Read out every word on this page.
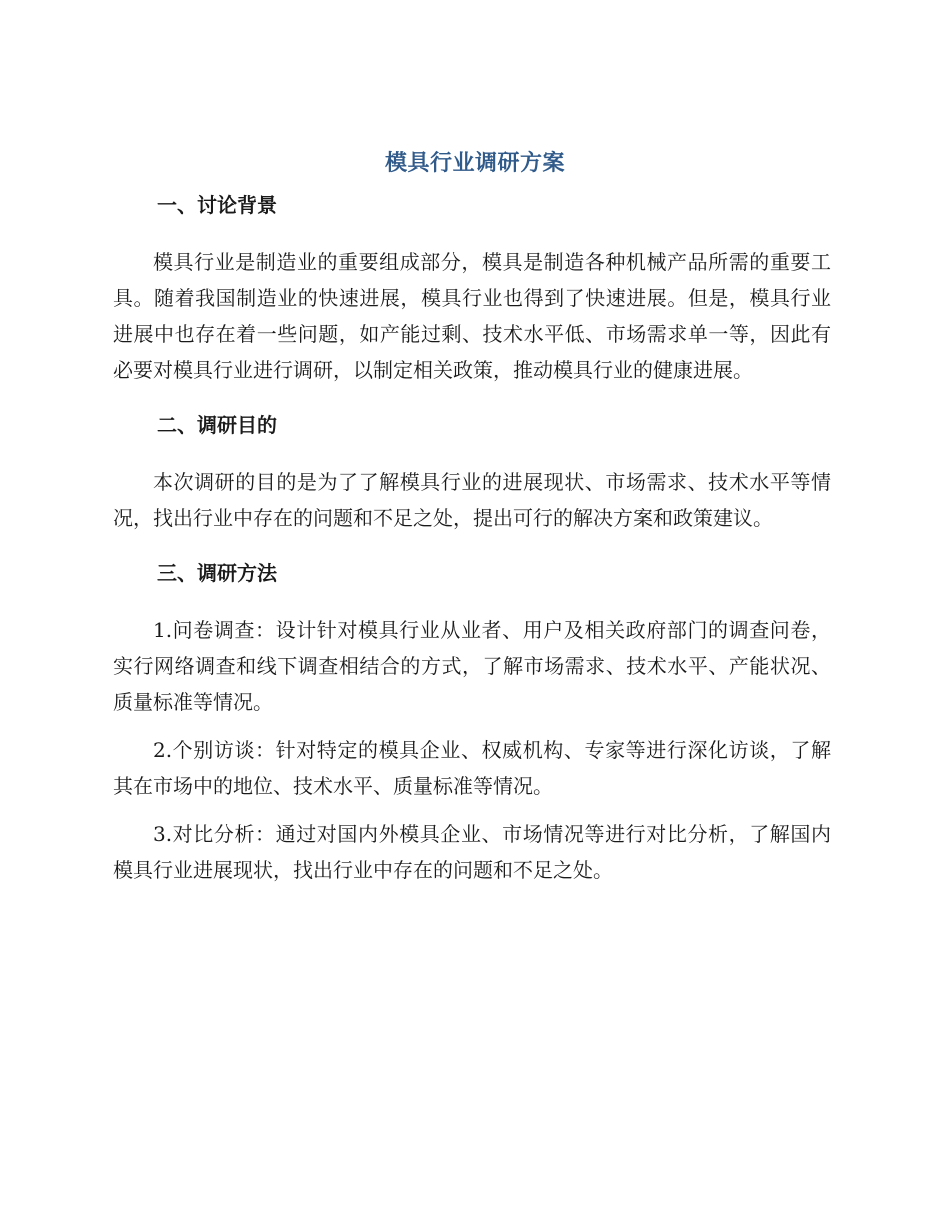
模具行业调研方案
一、讨论背景

模具行业是制造业的重要组成部分，模具是制造各种机械产品所需的重要工具。随着我国制造业的快速进展，模具行业也得到了快速进展。但是，模具行业进展中也存在着一些问题，如产能过剩、技术水平低、市场需求单一等，因此有必要对模具行业进行调研，以制定相关政策，推动模具行业的健康进展。

二、调研目的

本次调研的目的是为了了解模具行业的进展现状、市场需求、技术水平等情况，找出行业中存在的问题和不足之处，提出可行的解决方案和政策建议。

三、调研方法

1.问卷调查：设计针对模具行业从业者、用户及相关政府部门的调查问卷，实行网络调查和线下调查相结合的方式，了解市场需求、技术水平、产能状况、质量标准等情况。

2.个别访谈：针对特定的模具企业、权威机构、专家等进行深化访谈，了解其在市场中的地位、技术水平、质量标准等情况。

3.对比分析：通过对国内外模具企业、市场情况等进行对比分析，了解国内模具行业进展现状，找出行业中存在的问题和不足之处。
